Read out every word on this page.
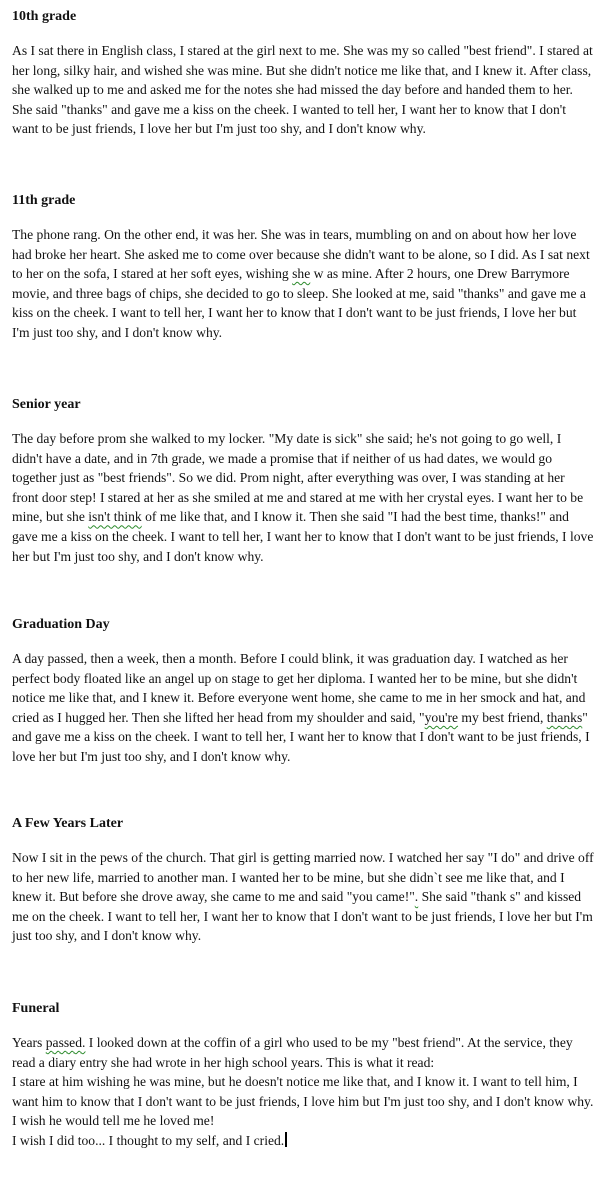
10th grade

As I sat there in English class, I stared at the girl next to me. She was my so called "best friend". I stared at her long, silky hair, and wished she was mine. But she didn't notice me like that, and I knew it. After class, she walked up to me and asked me for the notes she had missed the day before and handed them to her. She said "thanks" and gave me a kiss on the cheek. I wanted to tell her, I want her to know that I don't want to be just friends, I love her but I'm just too shy, and I don't know why.

11th grade

The phone rang. On the other end, it was her. She was in tears, mumbling on and on about how her love had broke her heart. She asked me to come over because she didn't want to be alone, so I did. As I sat next to her on the sofa, I stared at her soft eyes, wishing she w as mine. After 2 hours, one Drew Barrymore movie, and three bags of chips, she decided to go to sleep. She looked at me, said "thanks" and gave me a kiss on the cheek. I want to tell her, I want her to know that I don't want to be just friends, I love her but I'm just too shy, and I don't know why.

Senior year

The day before prom she walked to my locker. "My date is sick" she said; he's not going to go well, I didn't have a date, and in 7th grade, we made a promise that if neither of us had dates, we would go together just as "best friends". So we did. Prom night, after everything was over, I was standing at her front door step! I stared at her as she smiled at me and stared at me with her crystal eyes. I want her to be mine, but she isn't think of me like that, and I know it. Then she said "I had the best time, thanks!" and gave me a kiss on the cheek. I want to tell her, I want her to know that I don't want to be just friends, I love her but I'm just too shy, and I don't know why.

Graduation Day

A day passed, then a week, then a month. Before I could blink, it was graduation day. I watched as her perfect body floated like an angel up on stage to get her diploma. I wanted her to be mine, but she didn't notice me like that, and I knew it. Before everyone went home, she came to me in her smock and hat, and cried as I hugged her. Then she lifted her head from my shoulder and said, "you're my best friend, thanks" and gave me a kiss on the cheek. I want to tell her, I want her to know that I don't want to be just friends, I love her but I'm just too shy, and I don't know why.

A Few Years Later

Now I sit in the pews of the church. That girl is getting married now. I watched her say "I do" and drive off to her new life, married to another man. I wanted her to be mine, but she didn`t see me like that, and I knew it. But before she drove away, she came to me and said "you came!". She said "thank s" and kissed me on the cheek. I want to tell her, I want her to know that I don't want to be just friends, I love her but I'm just too shy, and I don't know why.

Funeral

Years passed. I looked down at the coffin of a girl who used to be my "best friend". At the service, they read a diary entry she had wrote in her high school years. This is what it read:
I stare at him wishing he was mine, but he doesn't notice me like that, and I know it. I want to tell him, I want him to know that I don't want to be just friends, I love him but I'm just too shy, and I don't know why. I wish he would tell me he loved me!
I wish I did too... I thought to my self, and I cried.
